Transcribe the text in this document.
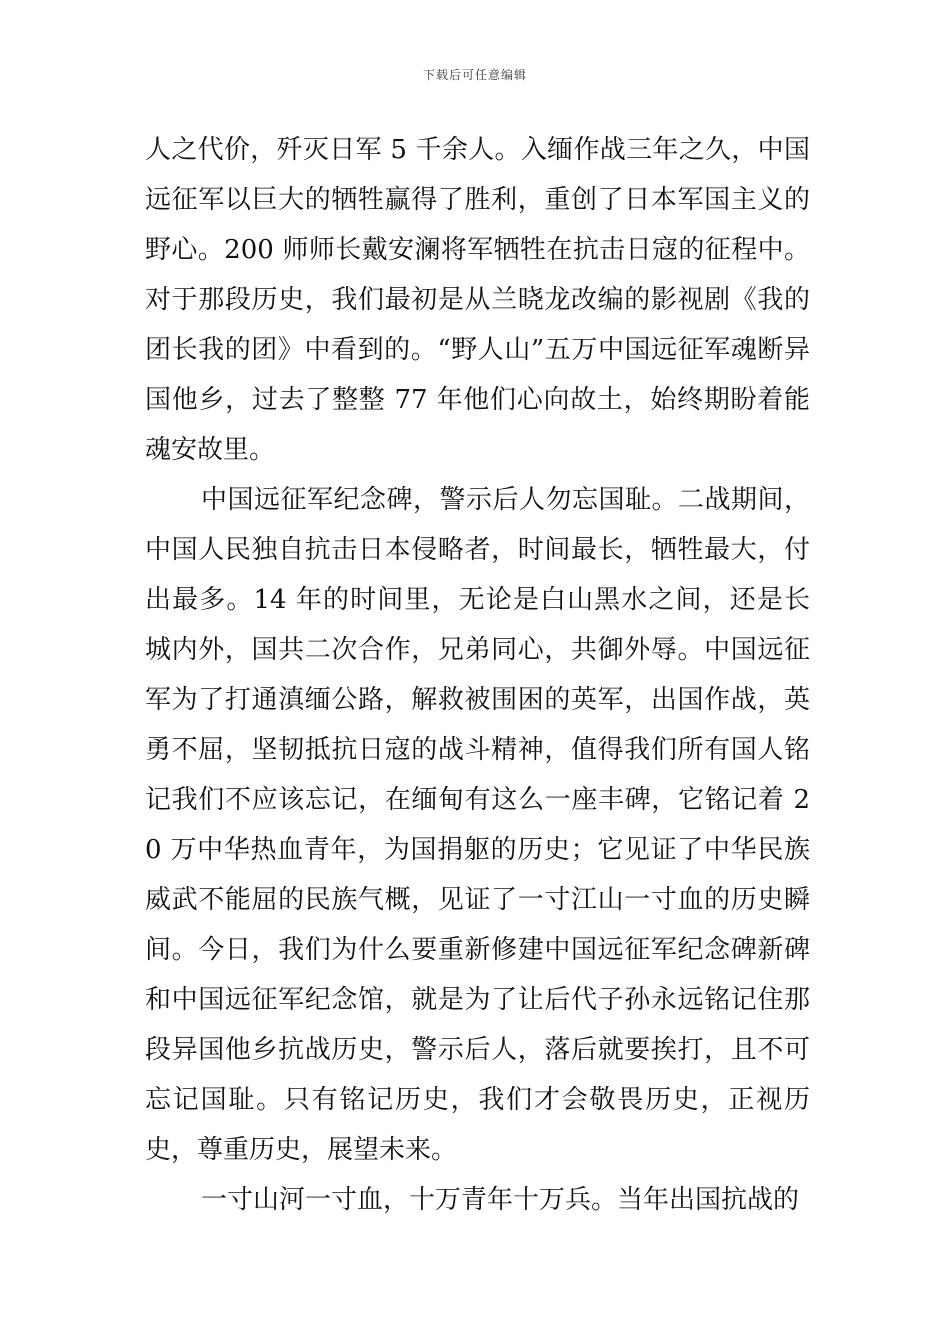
下载后可任意编辑

人之代价，歼灭日军 5 千余人。入缅作战三年之久，中国远征军以巨大的牺牲赢得了胜利，重创了日本军国主义的野心。200 师师长戴安澜将军牺牲在抗击日寇的征程中。对于那段历史，我们最初是从兰晓龙改编的影视剧《我的团长我的团》中看到的。“野人山”五万中国远征军魂断异国他乡，过去了整整 77 年他们心向故土，始终期盼着能魂安故里。

中国远征军纪念碑，警示后人勿忘国耻。二战期间，中国人民独自抗击日本侵略者，时间最长，牺牲最大，付出最多。14 年的时间里，无论是白山黑水之间，还是长城内外，国共二次合作，兄弟同心，共御外辱。中国远征军为了打通滇缅公路，解救被围困的英军，出国作战，英勇不屈，坚韧抵抗日寇的战斗精神，值得我们所有国人铭记我们不应该忘记，在缅甸有这么一座丰碑，它铭记着 20 万中华热血青年，为国捐躯的历史；它见证了中华民族威武不能屈的民族气概，见证了一寸江山一寸血的历史瞬间。今日，我们为什么要重新修建中国远征军纪念碑新碑和中国远征军纪念馆，就是为了让后代子孙永远铭记住那段异国他乡抗战历史，警示后人，落后就要挨打，且不可忘记国耻。只有铭记历史，我们才会敬畏历史，正视历史，尊重历史，展望未来。

一寸山河一寸血，十万青年十万兵。当年出国抗战的
